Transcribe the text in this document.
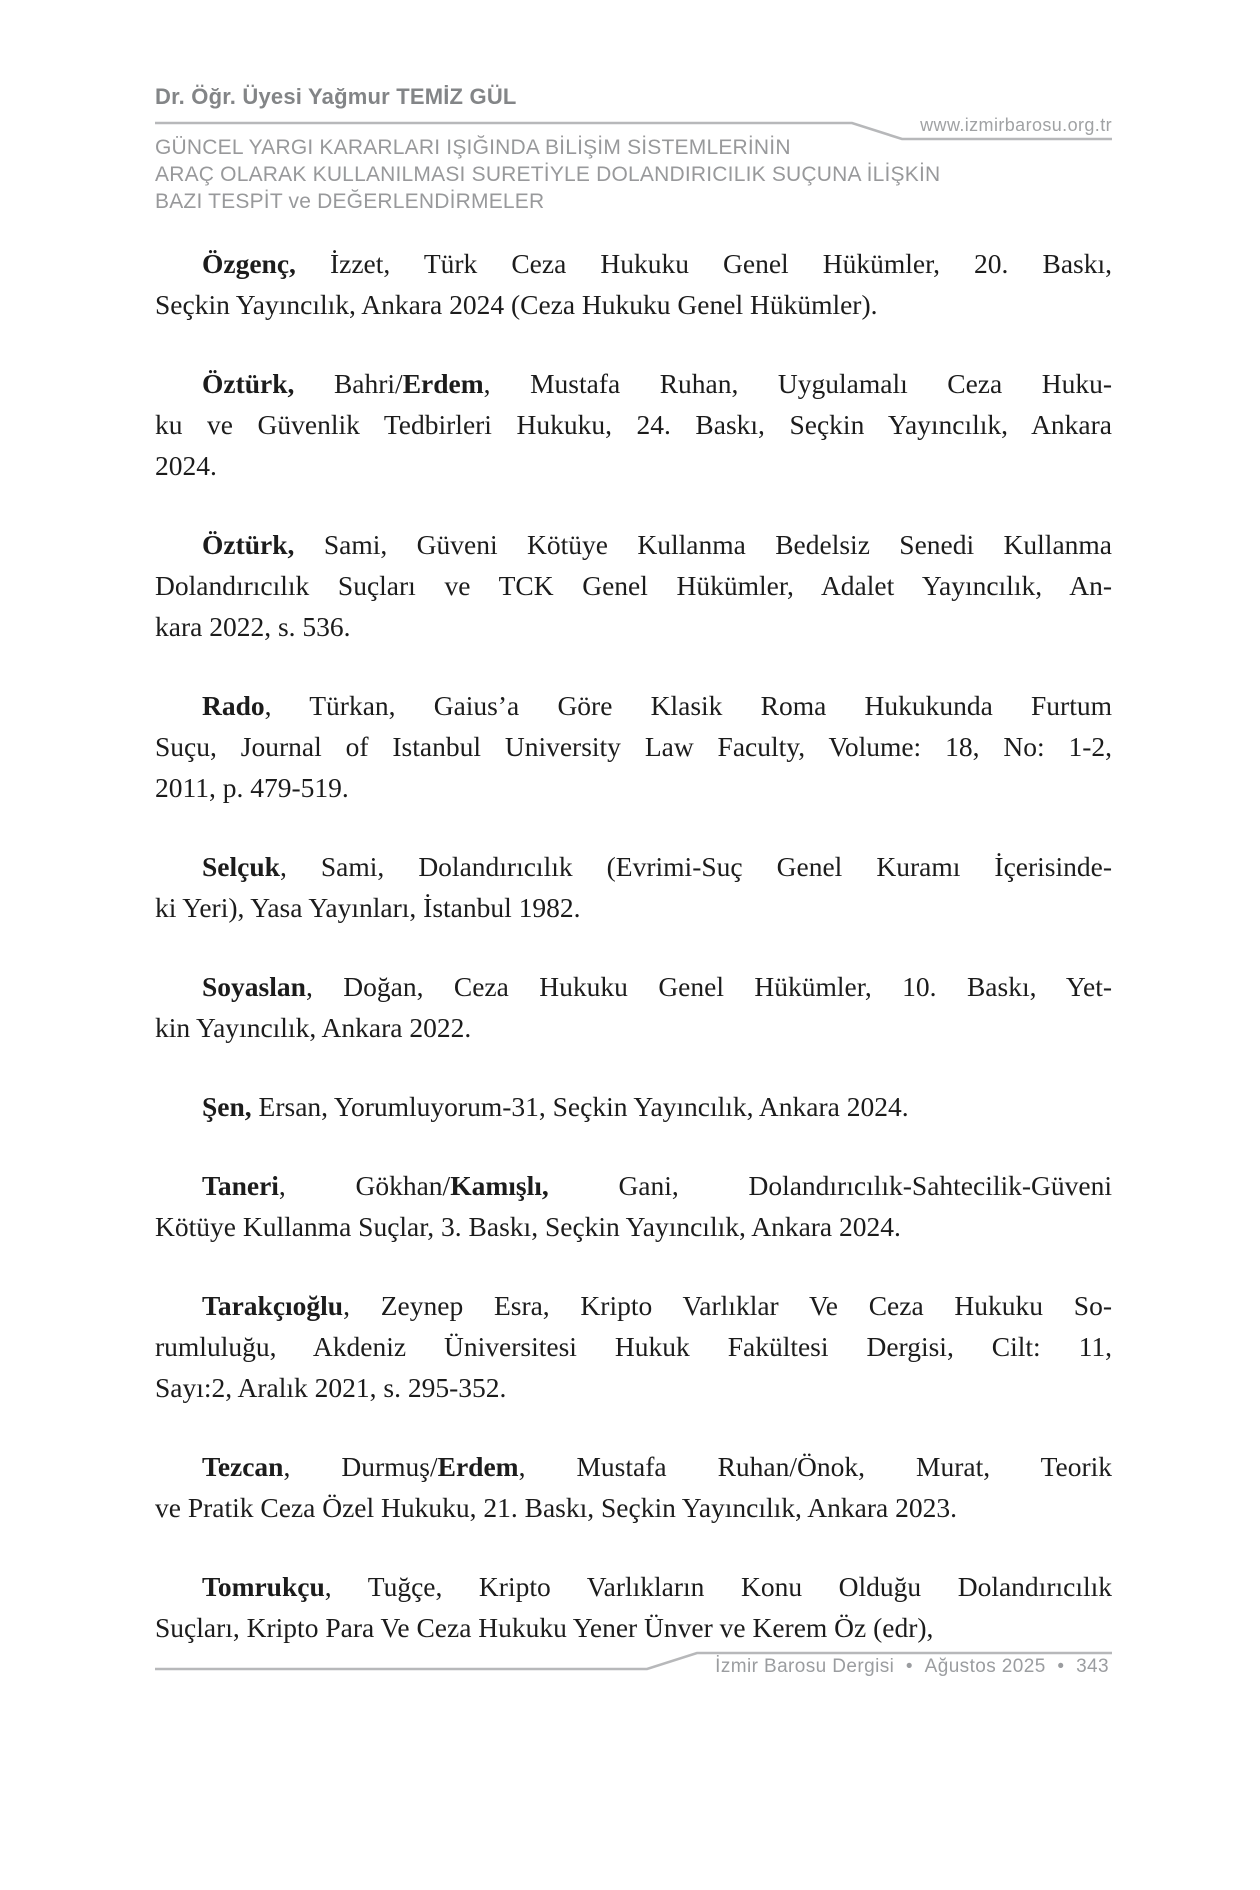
Dr. Öğr. Üyesi Yağmur TEMİZ GÜL
www.izmirbarosu.org.tr
GÜNCEL YARGI KARARLARI IŞIĞINDA BİLİŞİM SİSTEMLERİNİN
ARAÇ OLARAK KULLANILMASI SURETİYLE DOLANDIRICILIK SUÇUNA İLİŞKİN
BAZI TESPİT ve DEĞERLENDİRMELER
Özgenç, İzzet, Türk Ceza Hukuku Genel Hükümler, 20. Baskı,
Seçkin Yayıncılık, Ankara 2024 (Ceza Hukuku Genel Hükümler).
Öztürk, Bahri/Erdem, Mustafa Ruhan, Uygulamalı Ceza Huku-
ku ve Güvenlik Tedbirleri Hukuku, 24. Baskı, Seçkin Yayıncılık, Ankara
2024.
Öztürk, Sami, Güveni Kötüye Kullanma Bedelsiz Senedi Kullanma
Dolandırıcılık Suçları ve TCK Genel Hükümler, Adalet Yayıncılık, An-
kara 2022, s. 536.
Rado, Türkan, Gaius’a Göre Klasik Roma Hukukunda Furtum
Suçu, Journal of Istanbul University Law Faculty, Volume: 18, No: 1-2,
2011, p. 479-519.
Selçuk, Sami, Dolandırıcılık (Evrimi-Suç Genel Kuramı İçerisinde-
ki Yeri), Yasa Yayınları, İstanbul 1982.
Soyaslan, Doğan, Ceza Hukuku Genel Hükümler, 10. Baskı, Yet-
kin Yayıncılık, Ankara 2022.
Şen, Ersan, Yorumluyorum-31, Seçkin Yayıncılık, Ankara 2024.
Taneri, Gökhan/Kamışlı, Gani, Dolandırıcılık-Sahtecilik-Güveni
Kötüye Kullanma Suçlar, 3. Baskı, Seçkin Yayıncılık, Ankara 2024.
Tarakçıoğlu, Zeynep Esra, Kripto Varlıklar Ve Ceza Hukuku So-
rumluluğu, Akdeniz Üniversitesi Hukuk Fakültesi Dergisi, Cilt: 11,
Sayı:2, Aralık 2021, s. 295-352.
Tezcan, Durmuş/Erdem, Mustafa Ruhan/Önok, Murat, Teorik
ve Pratik Ceza Özel Hukuku, 21. Baskı, Seçkin Yayıncılık, Ankara 2023.
Tomrukçu, Tuğçe, Kripto Varlıkların Konu Olduğu Dolandırıcılık
Suçları, Kripto Para Ve Ceza Hukuku Yener Ünver ve Kerem Öz (edr),
İzmir Barosu Dergisi • Ağustos 2025 • 343
